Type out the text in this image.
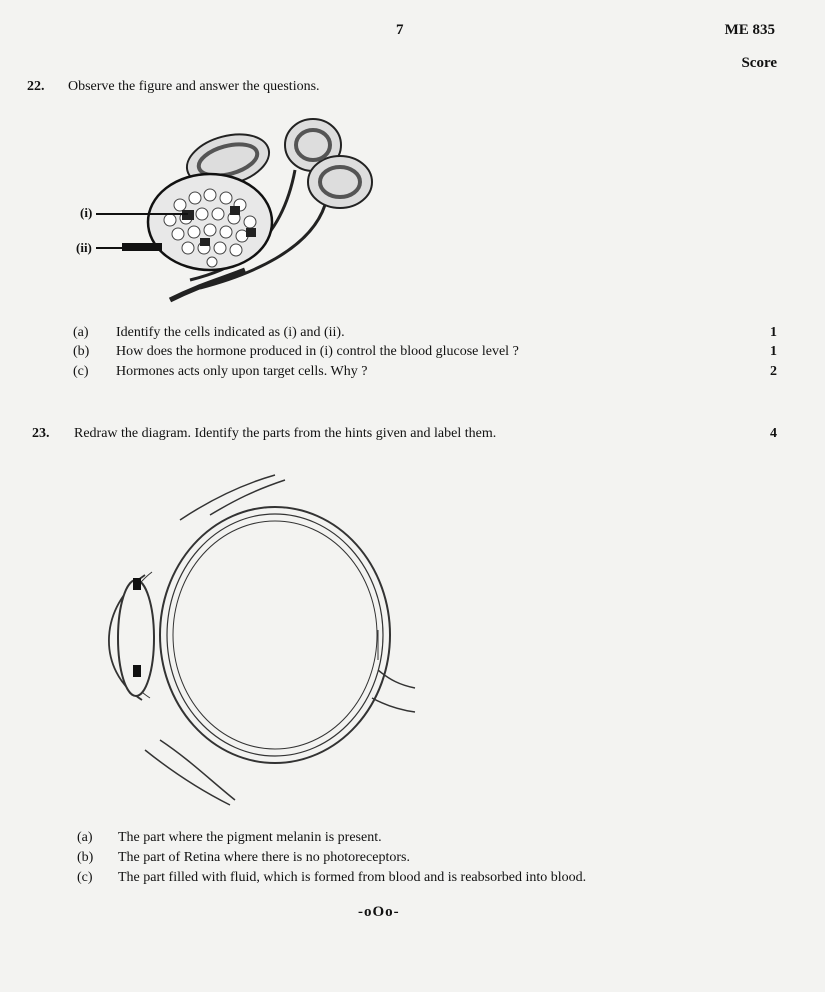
7	ME 835
Score
22. Observe the figure and answer the questions.
(i)
(ii)
(a) Identify the cells indicated as (i) and (ii).	1
(b) How does the hormone produced in (i) control the blood glucose level ?	1
(c) Hormones acts only upon target cells. Why ?	2
23. Redraw the diagram. Identify the parts from the hints given and label them.	4
(a) The part where the pigment melanin is present.
(b) The part of Retina where there is no photoreceptors.
(c) The part filled with fluid, which is formed from blood and is reabsorbed into blood.
-oOo-
